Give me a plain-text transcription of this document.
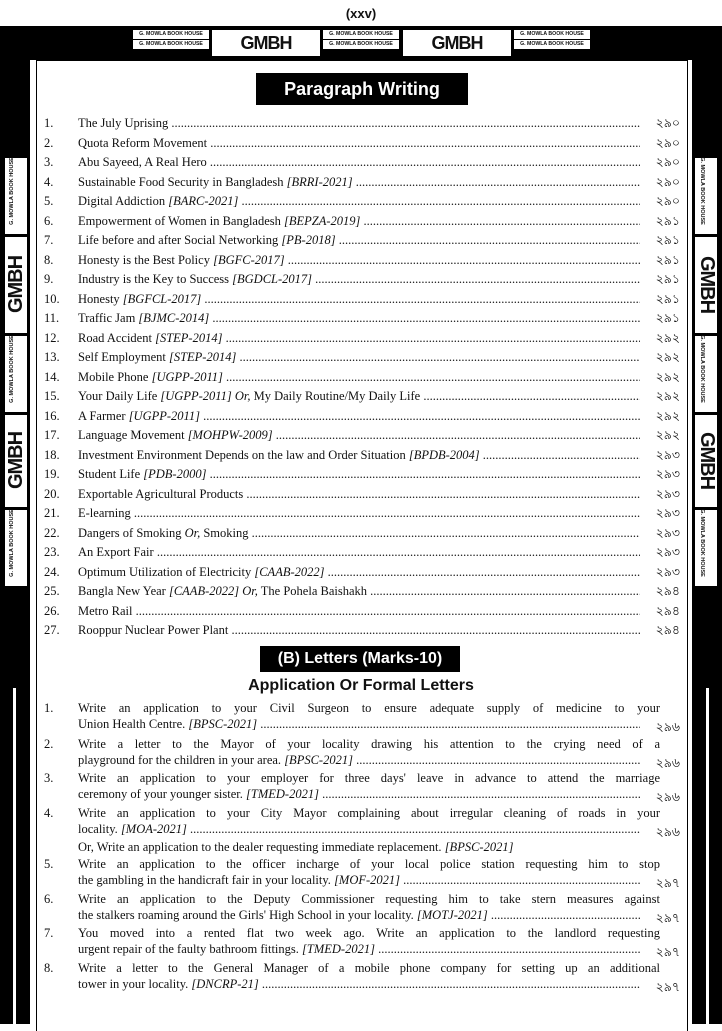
(xxv)
G. MOWLA BOOK HOUSE
G. MOWLA BOOK HOUSE	GMBH	G. MOWLA BOOK HOUSE
G. MOWLA BOOK HOUSE	GMBH	G. MOWLA BOOK HOUSE
G. MOWLA BOOK HOUSE
G. MOWLA BOOK HOUSE
GMBH
G. MOWLA BOOK HOUSE
GMBH
G. MOWLA BOOK HOUSE
G. MOWLA BOOK HOUSE
GMBH
G. MOWLA BOOK HOUSE
GMBH
G. MOWLA BOOK HOUSE
Paragraph Writing
1. The July Uprising .....	২৯০
2. Quota Reform Movement .....	২৯০
3. Abu Sayeed, A Real Hero .....	২৯০
4. Sustainable Food Security in Bangladesh [BRRI-2021] .....	২৯০
5. Digital Addiction [BARC-2021] .....	২৯০
6. Empowerment of Women in Bangladesh [BEPZA-2019] .....	২৯১
7. Life before and after Social Networking [PB-2018] .....	২৯১
8. Honesty is the Best Policy [BGFC-2017] .....	২৯১
9. Industry is the Key to Success [BGDCL-2017] .....	২৯১
10. Honesty [BGFCL-2017] .....	২৯১
11. Traffic Jam [BJMC-2014] .....	২৯১
12. Road Accident [STEP-2014] .....	২৯২
13. Self Employment [STEP-2014] .....	২৯২
14. Mobile Phone [UGPP-2011] .....	২৯২
15. Your Daily Life [UGPP-2011] Or, My Daily Routine/My Daily Life .....	২৯২
16. A Farmer [UGPP-2011] .....	২৯২
17. Language Movement [MOHPW-2009] .....	২৯২
18. Investment Environment Depends on the law and Order Situation [BPDB-2004] .....	২৯৩
19. Student Life [PDB-2000] .....	২৯৩
20. Exportable Agricultural Products .....	২৯৩
21. E-learning .....	২৯৩
22. Dangers of Smoking Or, Smoking .....	২৯৩
23. An Export Fair .....	২৯৩
24. Optimum Utilization of Electricity [CAAB-2022] .....	২৯৩
25. Bangla New Year [CAAB-2022] Or, The Pohela Baishakh .....	২৯৪
26. Metro Rail .....	২৯৪
27. Rooppur Nuclear Power Plant .....	২৯৪
(B) Letters (Marks-10)
Application Or Formal Letters
1. Write an application to your Civil Surgeon to ensure adequate supply of medicine to your
Union Health Centre. [BPSC-2021] .....	২৯৬
2. Write a letter to the Mayor of your locality drawing his attention to the crying need of a
playground for the children in your area. [BPSC-2021] .....	২৯৬
3. Write an application to your employer for three days' leave in advance to attend the marriage
ceremony of your younger sister. [TMED-2021] .....	২৯৬
4. Write an application to your City Mayor complaining about irregular cleaning of roads in your
locality. [MOA-2021] .....	২৯৬
Or, Write an application to the dealer requesting immediate replacement. [BPSC-2021]
5. Write an application to the officer incharge of your local police station requesting him to stop
the gambling in the handicraft fair in your locality. [MOF-2021] .....	২৯৭
6. Write an application to the Deputy Commissioner requesting him to take stern measures against
the stalkers roaming around the Girls' High School in your locality. [MOTJ-2021] .....	২৯৭
7. You moved into a rented flat two week ago. Write an application to the landlord requesting
urgent repair of the faulty bathroom fittings. [TMED-2021] .....	২৯৭
8. Write a letter to the General Manager of a mobile phone company for setting up an additional
tower in your locality. [DNCRP-21] .....	২৯৭
